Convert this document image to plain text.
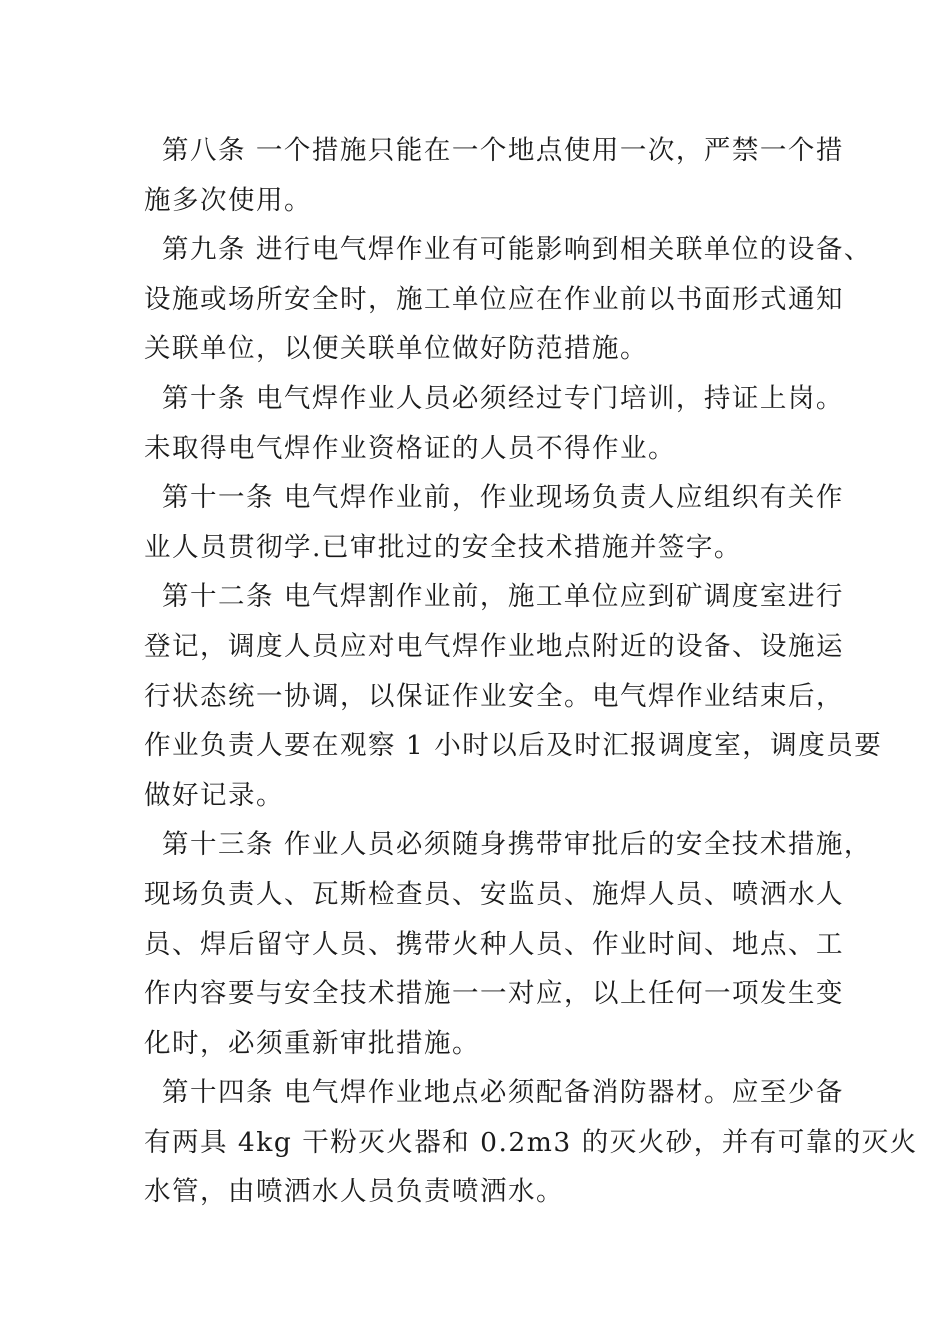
第八条 一个措施只能在一个地点使用一次，严禁一个措
施多次使用。
第九条 进行电气焊作业有可能影响到相关联单位的设备、
设施或场所安全时，施工单位应在作业前以书面形式通知
关联单位，以便关联单位做好防范措施。
第十条 电气焊作业人员必须经过专门培训，持证上岗。
未取得电气焊作业资格证的人员不得作业。
第十一条 电气焊作业前，作业现场负责人应组织有关作
业人员贯彻学.已审批过的安全技术措施并签字。
第十二条 电气焊割作业前，施工单位应到矿调度室进行
登记，调度人员应对电气焊作业地点附近的设备、设施运
行状态统一协调，以保证作业安全。电气焊作业结束后，
作业负责人要在观察 1 小时以后及时汇报调度室，调度员要
做好记录。
第十三条 作业人员必须随身携带审批后的安全技术措施，
现场负责人、瓦斯检查员、安监员、施焊人员、喷洒水人
员、焊后留守人员、携带火种人员、作业时间、地点、工
作内容要与安全技术措施一一对应，以上任何一项发生变
化时，必须重新审批措施。
第十四条 电气焊作业地点必须配备消防器材。应至少备
有两具 4kg 干粉灭火器和 0.2m3 的灭火砂，并有可靠的灭火
水管，由喷洒水人员负责喷洒水。
